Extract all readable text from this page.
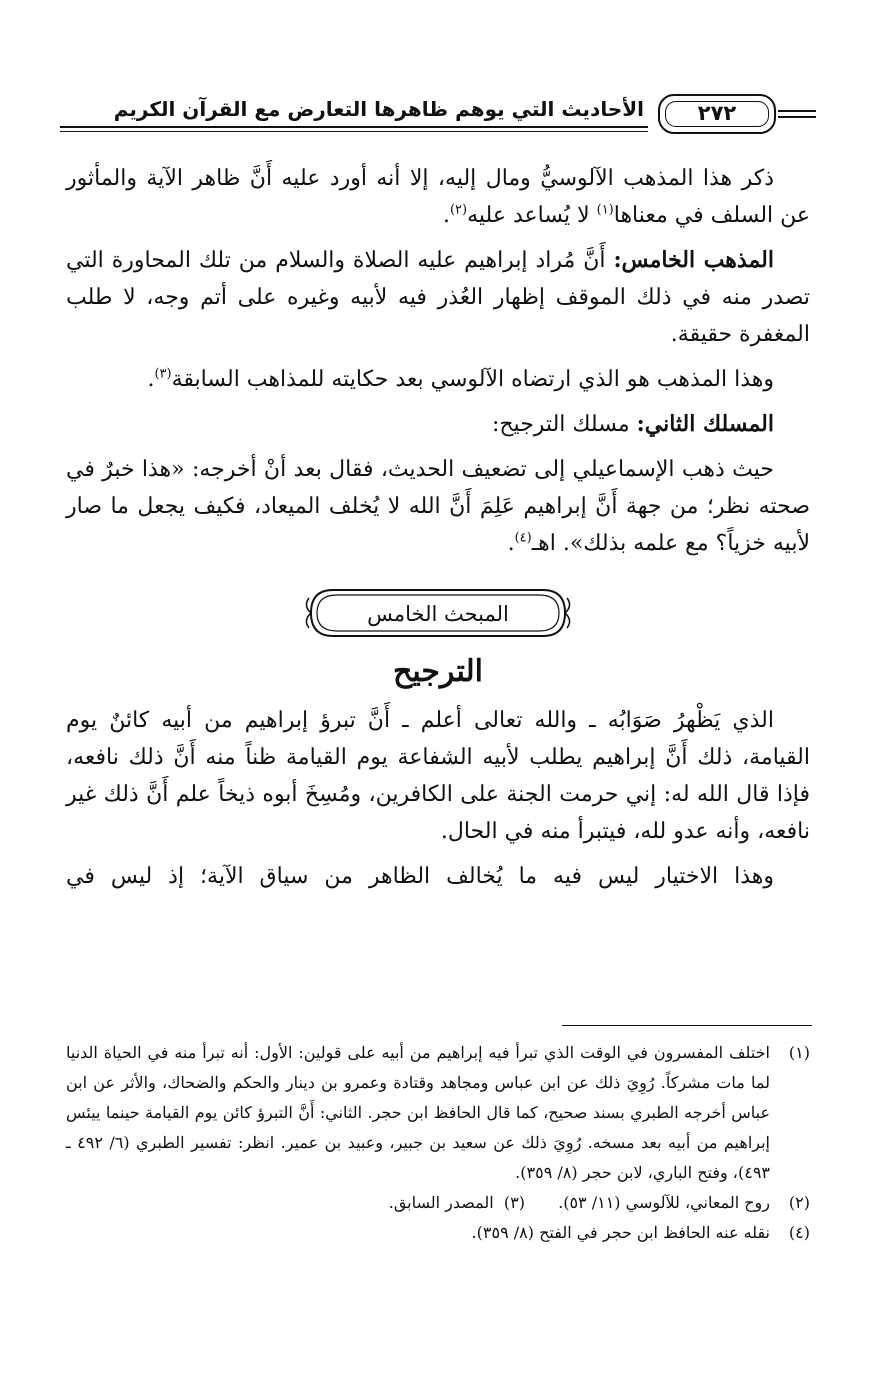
٢٧٢
الأحاديث التي يوهم ظاهرها التعارض مع القرآن الكريم

ذكر هذا المذهب الآلوسيُّ ومال إليه، إلا أنه أورد عليه أَنَّ ظاهر الآية والمأثور عن السلف في معناها$^{(١)}$ لا يُساعد عليه$^{(٢)}$.

المذهب الخامس: أَنَّ مُراد إبراهيم عليه الصلاة والسلام من تلك المحاورة التي تصدر منه في ذلك الموقف إظهار العُذر فيه لأبيه وغيره على أتم وجه، لا طلب المغفرة حقيقة.

وهذا المذهب هو الذي ارتضاه الآلوسي بعد حكايته للمذاهب السابقة$^{(٣)}$.

المسلك الثاني: مسلك الترجيح:

حيث ذهب الإسماعيلي إلى تضعيف الحديث، فقال بعد أنْ أخرجه: «هذا خبرٌ في صحته نظر؛ من جهة أَنَّ إبراهيم عَلِمَ أَنَّ الله لا يُخلف الميعاد، فكيف يجعل ما صار لأبيه خزياً؟ مع علمه بذلك». اهـ$^{(٤)}$.

المبحث الخامس
الترجيح

الذي يَظْهرُ صَوَابُه ـ والله تعالى أعلم ـ أَنَّ تبرؤ إبراهيم من أبيه كائنٌ يوم القيامة، ذلك أَنَّ إبراهيم يطلب لأبيه الشفاعة يوم القيامة ظناً منه أَنَّ ذلك نافعه، فإذا قال الله له: إني حرمت الجنة على الكافرين، ومُسِخَ أبوه ذيخاً علم أَنَّ ذلك غير نافعه، وأنه عدو لله، فيتبرأ منه في الحال.

وهذا الاختيار ليس فيه ما يُخالف الظاهر من سياق الآية؛ إذ ليس في

(١)
اختلف المفسرون في الوقت الذي تبرأ فيه إبراهيم من أبيه على قولين: الأول: أنه تبرأ منه في الحياة الدنيا لما مات مشركاً. رُوِيَ ذلك عن ابن عباس ومجاهد وقتادة وعمرو بن دينار والحكم والضحاك، والأثر عن ابن عباس أخرجه الطبري بسند صحيح، كما قال الحافظ ابن حجر. الثاني: أَنَّ التبرؤ كائن يوم القيامة حينما ييئس إبراهيم من أبيه بعد مسخه. رُوِيَ ذلك عن سعيد بن جبير، وعبيد بن عمير. انظر: تفسير الطبري (٦/ ٤٩٢ ـ ٤٩٣)، وفتح الباري، لابن حجر (٨/ ٣٥٩).
(٢)
روح المعاني، للآلوسي (١١/ ٥٣). (٣)  المصدر السابق.
(٤)
نقله عنه الحافظ ابن حجر في الفتح (٨/ ٣٥٩).
